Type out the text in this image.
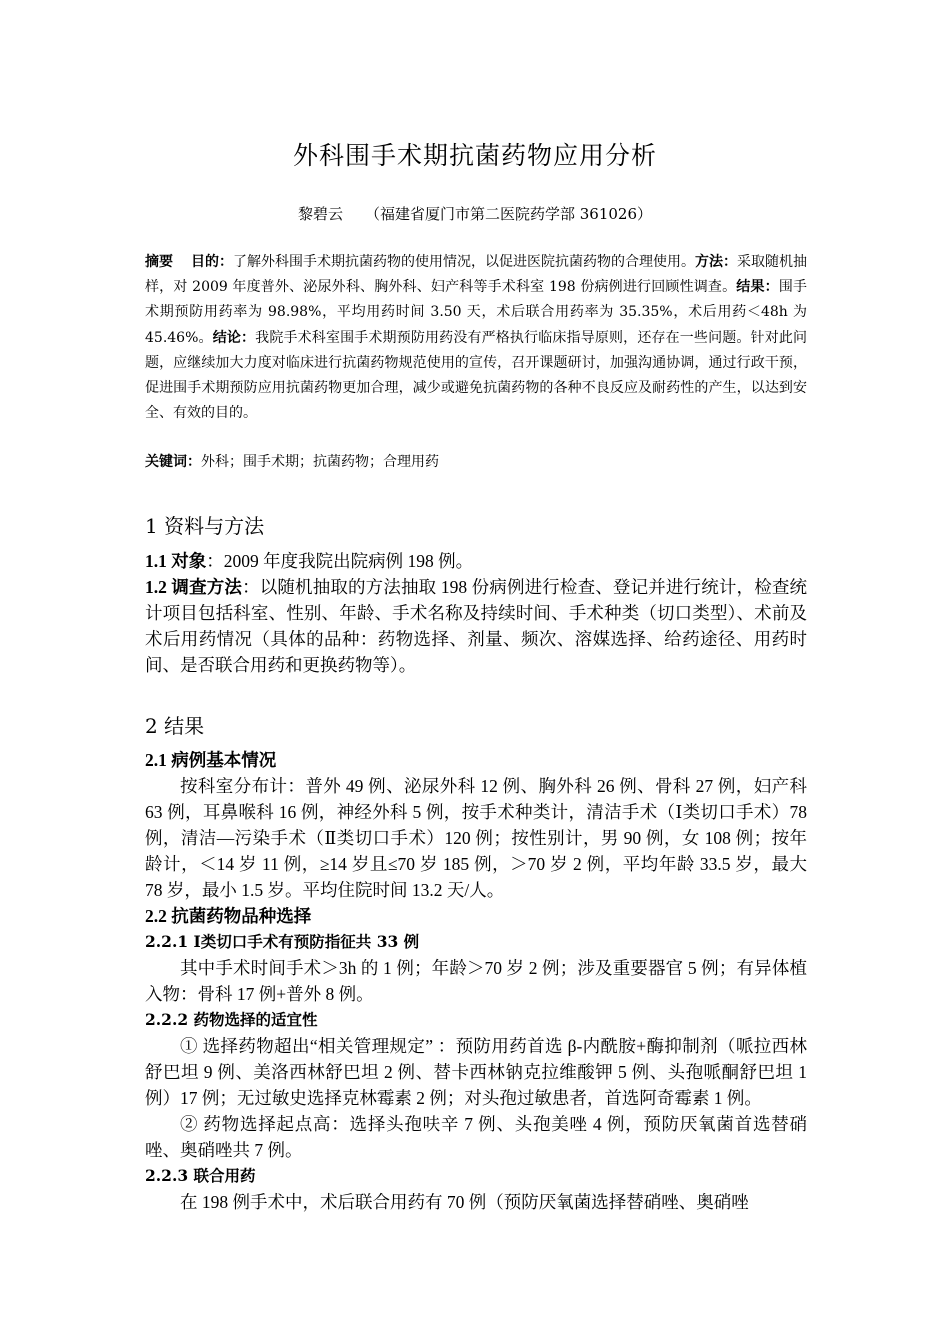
外科围手术期抗菌药物应用分析
黎碧云 （福建省厦门市第二医院药学部 361026）
摘要 目的：了解外科围手术期抗菌药物的使用情况，以促进医院抗菌药物的合理使用。方法：采取随机抽样，对 2009 年度普外、泌尿外科、胸外科、妇产科等手术科室 198 份病例进行回顾性调查。结果：围手术期预防用药率为 98.98%，平均用药时间 3.50 天，术后联合用药率为 35.35%，术后用药＜48h 为 45.46%。结论：我院手术科室围手术期预防用药没有严格执行临床指导原则，还存在一些问题。针对此问题，应继续加大力度对临床进行抗菌药物规范使用的宣传，召开课题研讨，加强沟通协调，通过行政干预，促进围手术期预防应用抗菌药物更加合理，减少或避免抗菌药物的各种不良反应及耐药性的产生，以达到安全、有效的目的。
关键词：外科；围手术期；抗菌药物；合理用药
1 资料与方法

1.1 对象：2009 年度我院出院病例 198 例。

1.2 调查方法：以随机抽取的方法抽取 198 份病例进行检查、登记并进行统计，检查统计项目包括科室、性别、年龄、手术名称及持续时间、手术种类（切口类型）、术前及术后用药情况（具体的品种：药物选择、剂量、频次、溶媒选择、给药途径、用药时间、是否联合用药和更换药物等）。

2 结果

2.1 病例基本情况

按科室分布计：普外 49 例、泌尿外科 12 例、胸外科 26 例、骨科 27 例，妇产科 63 例，耳鼻喉科 16 例，神经外科 5 例，按手术种类计，清洁手术（Ⅰ类切口手术）78 例，清洁—污染手术（Ⅱ类切口手术）120 例；按性别计，男 90 例，女 108 例；按年龄计，＜14 岁 11 例，≥14 岁且≤70 岁 185 例，＞70 岁 2 例，平均年龄 33.5 岁，最大 78 岁，最小 1.5 岁。平均住院时间 13.2 天/人。

2.2 抗菌药物品种选择

2.2.1 Ⅰ类切口手术有预防指征共 33 例

其中手术时间手术＞3h 的 1 例；年龄＞70 岁 2 例；涉及重要器官 5 例；有异体植入物：骨科 17 例+普外 8 例。

2.2.2 药物选择的适宜性

① 选择药物超出“相关管理规定” ：预防用药首选 β-内酰胺+酶抑制剂（哌拉西林舒巴坦 9 例、美洛西林舒巴坦 2 例、替卡西林钠克拉维酸钾 5 例、头孢哌酮舒巴坦 1 例）17 例；无过敏史选择克林霉素 2 例；对头孢过敏患者，首选阿奇霉素 1 例。

② 药物选择起点高：选择头孢呋辛 7 例、头孢美唑 4 例，预防厌氧菌首选替硝唑、奥硝唑共 7 例。

2.2.3 联合用药

在 198 例手术中，术后联合用药有 70 例（预防厌氧菌选择替硝唑、奥硝唑
